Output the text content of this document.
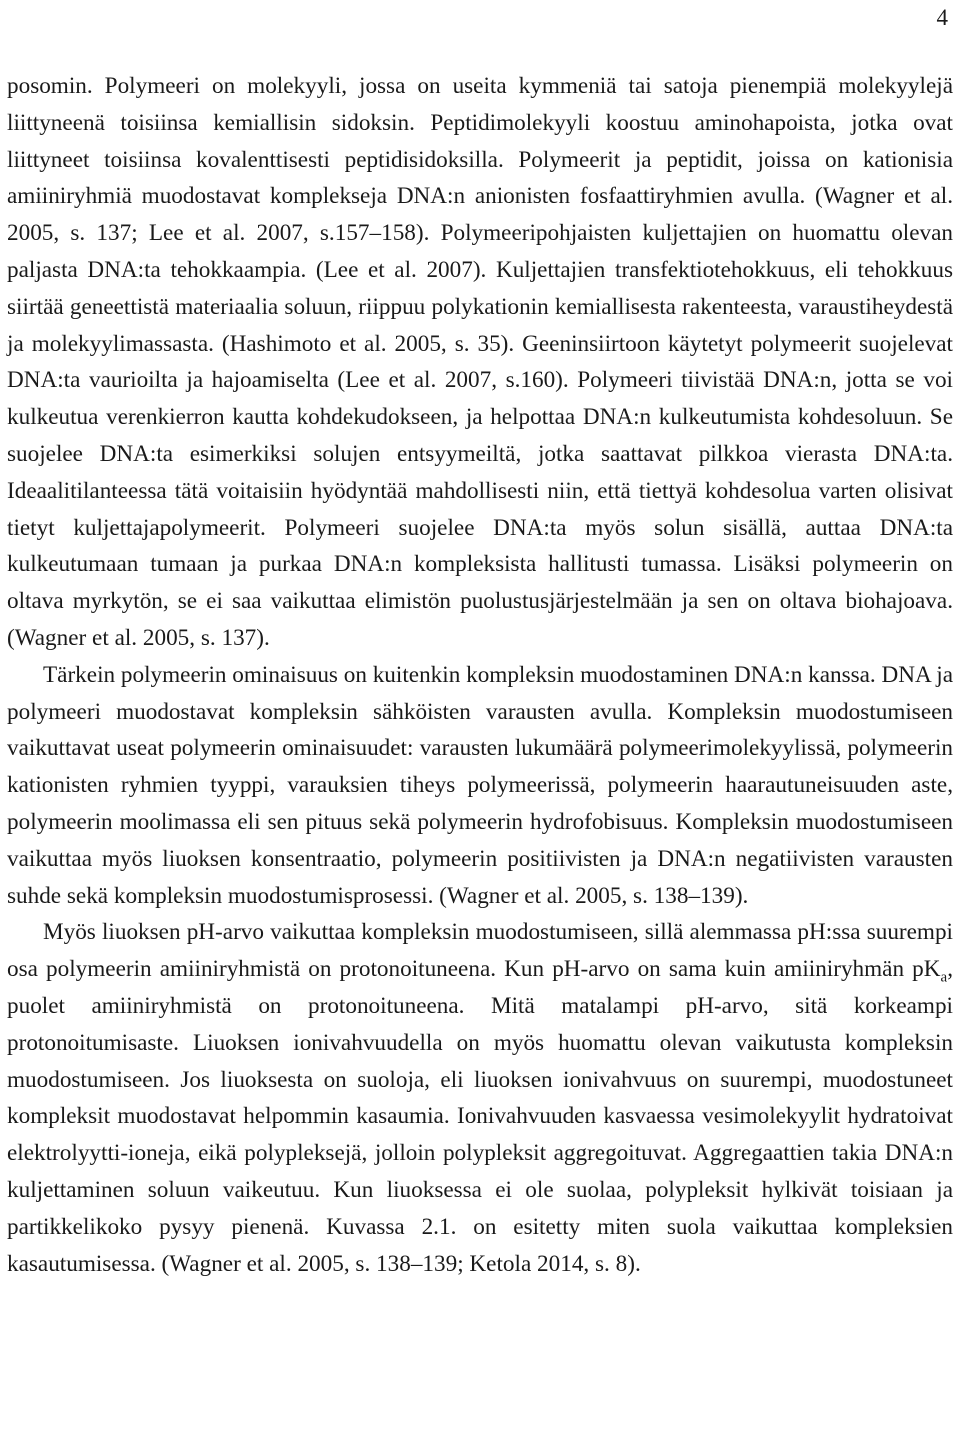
4

posomin. Polymeeri on molekyyli, jossa on useita kymmeniä tai satoja pienempiä molekyylejä liittyneenä toisiinsa kemiallisin sidoksin. Peptidimolekyyli koostuu aminohapoista, jotka ovat liittyneet toisiinsa kovalenttisesti peptidisidoksilla. Polymeerit ja peptidit, joissa on kationisia amiiniryhmiä muodostavat komplekseja DNA:n anionisten fosfaattiryhmien avulla. (Wagner et al. 2005, s. 137; Lee et al. 2007, s.157–158). Polymeeripohjaisten kuljettajien on huomattu olevan paljasta DNA:ta tehokkaampia. (Lee et al. 2007). Kuljettajien transfektiotehokkuus, eli tehokkuus siirtää geneettistä materiaalia soluun, riippuu polykationin kemiallisesta rakenteesta, varaustiheydestä ja molekyylimassasta. (Hashimoto et al. 2005, s. 35). Geeninsiirtoon käytetyt polymeerit suojelevat DNA:ta vaurioilta ja hajoamiselta (Lee et al. 2007, s.160). Polymeeri tiivistää DNA:n, jotta se voi kulkeutua verenkierron kautta kohdekudokseen, ja helpottaa DNA:n kulkeutumista kohdesoluun. Se suojelee DNA:ta esimerkiksi solujen entsyymeiltä, jotka saattavat pilkkoa vierasta DNA:ta. Ideaalitilanteessa tätä voitaisiin hyödyntää mahdollisesti niin, että tiettyä kohdesolua varten olisivat tietyt kuljettajapolymeerit. Polymeeri suojelee DNA:ta myös solun sisällä, auttaa DNA:ta kulkeutumaan tumaan ja purkaa DNA:n kompleksista hallitusti tumassa. Lisäksi polymeerin on oltava myrkytön, se ei saa vaikuttaa elimistön puolustusjärjestelmään ja sen on oltava biohajoava. (Wagner et al. 2005, s. 137).

Tärkein polymeerin ominaisuus on kuitenkin kompleksin muodostaminen DNA:n kanssa. DNA ja polymeeri muodostavat kompleksin sähköisten varausten avulla. Kompleksin muodostumiseen vaikuttavat useat polymeerin ominaisuudet: varausten lukumäärä polymeerimolekyylissä, polymeerin kationisten ryhmien tyyppi, varauksien tiheys polymeerissä, polymeerin haarautuneisuuden aste, polymeerin moolimassa eli sen pituus sekä polymeerin hydrofobisuus. Kompleksin muodostumiseen vaikuttaa myös liuoksen konsentraatio, polymeerin positiivisten ja DNA:n negatiivisten varausten suhde sekä kompleksin muodostumisprosessi. (Wagner et al. 2005, s. 138–139).

Myös liuoksen pH-arvo vaikuttaa kompleksin muodostumiseen, sillä alemmassa pH:ssa suurempi osa polymeerin amiiniryhmistä on protonoituneena. Kun pH-arvo on sama kuin amiiniryhmän $pK_a$, puolet amiiniryhmistä on protonoituneena. Mitä matalampi pH-arvo, sitä korkeampi protonoitumisaste. Liuoksen ionivahvuudella on myös huomattu olevan vaikutusta kompleksin muodostumiseen. Jos liuoksesta on suoloja, eli liuoksen ionivahvuus on suurempi, muodostuneet kompleksit muodostavat helpommin kasaumia. Ionivahvuuden kasvaessa vesimolekyylit hydratoivat elektrolyytti-ioneja, eikä polypleksejä, jolloin polypleksit aggregoituvat. Aggregaattien takia DNA:n kuljettaminen soluun vaikeutuu. Kun liuoksessa ei ole suolaa, polypleksit hylkivät toisiaan ja partikkelikoko pysyy pienenä. Kuvassa 2.1. on esitetty miten suola vaikuttaa kompleksien kasautumisessa. (Wagner et al. 2005, s. 138–139; Ketola 2014, s. 8).
